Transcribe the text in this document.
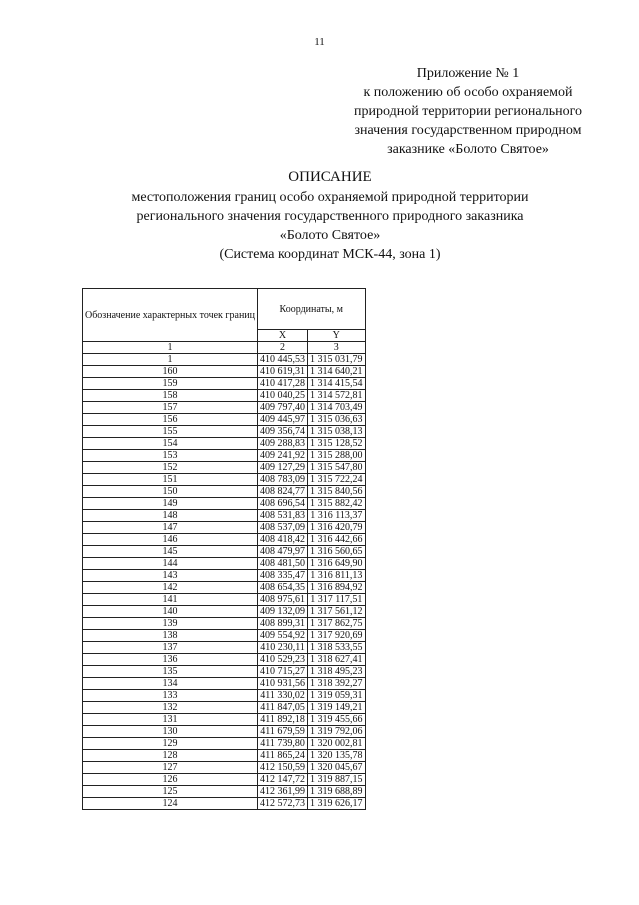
11
Приложение № 1
к положению об особо охраняемой
природной территории регионального
значения государственном природном
заказнике «Болото Святое»
ОПИСАНИЕ
местоположения границ особо охраняемой природной территории
регионального значения государственного природного заказника
«Болото Святое»
(Система координат МСК-44, зона 1)
Обозначение характерных точек границ	Координаты, м	
	X	Y
1	2	3
1	410 445,53	1 315 031,79
160	410 619,31	1 314 640,21
159	410 417,28	1 314 415,54
158	410 040,25	1 314 572,81
157	409 797,40	1 314 703,49
156	409 445,97	1 315 036,63
155	409 356,74	1 315 038,13
154	409 288,83	1 315 128,52
153	409 241,92	1 315 288,00
152	409 127,29	1 315 547,80
151	408 783,09	1 315 722,24
150	408 824,77	1 315 840,56
149	408 696,54	1 315 882,42
148	408 531,83	1 316 113,37
147	408 537,09	1 316 420,79
146	408 418,42	1 316 442,66
145	408 479,97	1 316 560,65
144	408 481,50	1 316 649,90
143	408 335,47	1 316 811,13
142	408 654,35	1 316 894,92
141	408 975,61	1 317 117,51
140	409 132,09	1 317 561,12
139	408 899,31	1 317 862,75
138	409 554,92	1 317 920,69
137	410 230,11	1 318 533,55
136	410 529,23	1 318 627,41
135	410 715,27	1 318 495,23
134	410 931,56	1 318 392,27
133	411 330,02	1 319 059,31
132	411 847,05	1 319 149,21
131	411 892,18	1 319 455,66
130	411 679,59	1 319 792,06
129	411 739,80	1 320 002,81
128	411 865,24	1 320 135,78
127	412 150,59	1 320 045,67
126	412 147,72	1 319 887,15
125	412 361,99	1 319 688,89
124	412 572,73	1 319 626,17
